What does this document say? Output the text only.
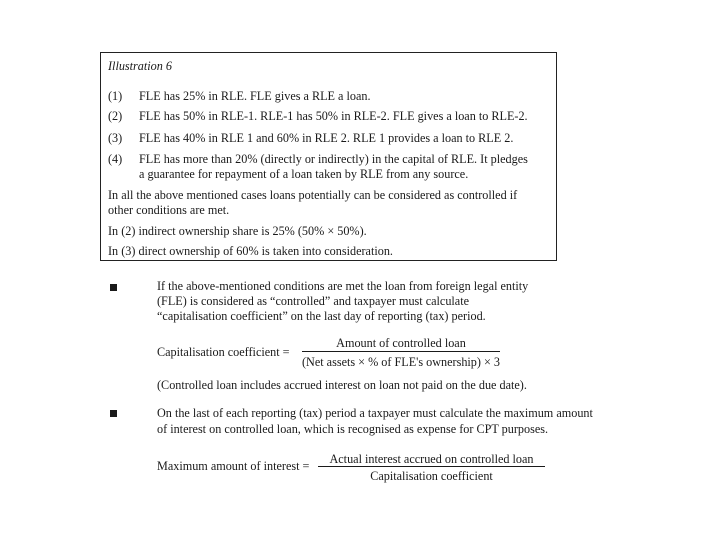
Illustration 6
(1) FLE has 25% in RLE. FLE gives a RLE a loan.
(2) FLE has 50% in RLE-1. RLE-1 has 50% in RLE-2. FLE gives a loan to RLE-2.
(3) FLE has 40% in RLE 1 and 60% in RLE 2. RLE 1 provides a loan to RLE 2.
(4) FLE has more than 20% (directly or indirectly) in the capital of RLE. It pledges
a guarantee for repayment of a loan taken by RLE from any source.
In all the above mentioned cases loans potentially can be considered as controlled if
other conditions are met.
In (2) indirect ownership share is 25% (50% × 50%).
In (3) direct ownership of 60% is taken into consideration.
If the above-mentioned conditions are met the loan from foreign legal entity
(FLE) is considered as “controlled” and taxpayer must calculate
“capitalisation coefficient” on the last day of reporting (tax) period.
Capitalisation coefficient =
Amount of controlled loan
(Net assets × % of FLE's ownership) × 3
(Controlled loan includes accrued interest on loan not paid on the due date).
On the last of each reporting (tax) period a taxpayer must calculate the maximum amount
of interest on controlled loan, which is recognised as expense for CPT purposes.
Maximum amount of interest =	Actual interest accrued on controlled loan
Capitalisation coefficient
